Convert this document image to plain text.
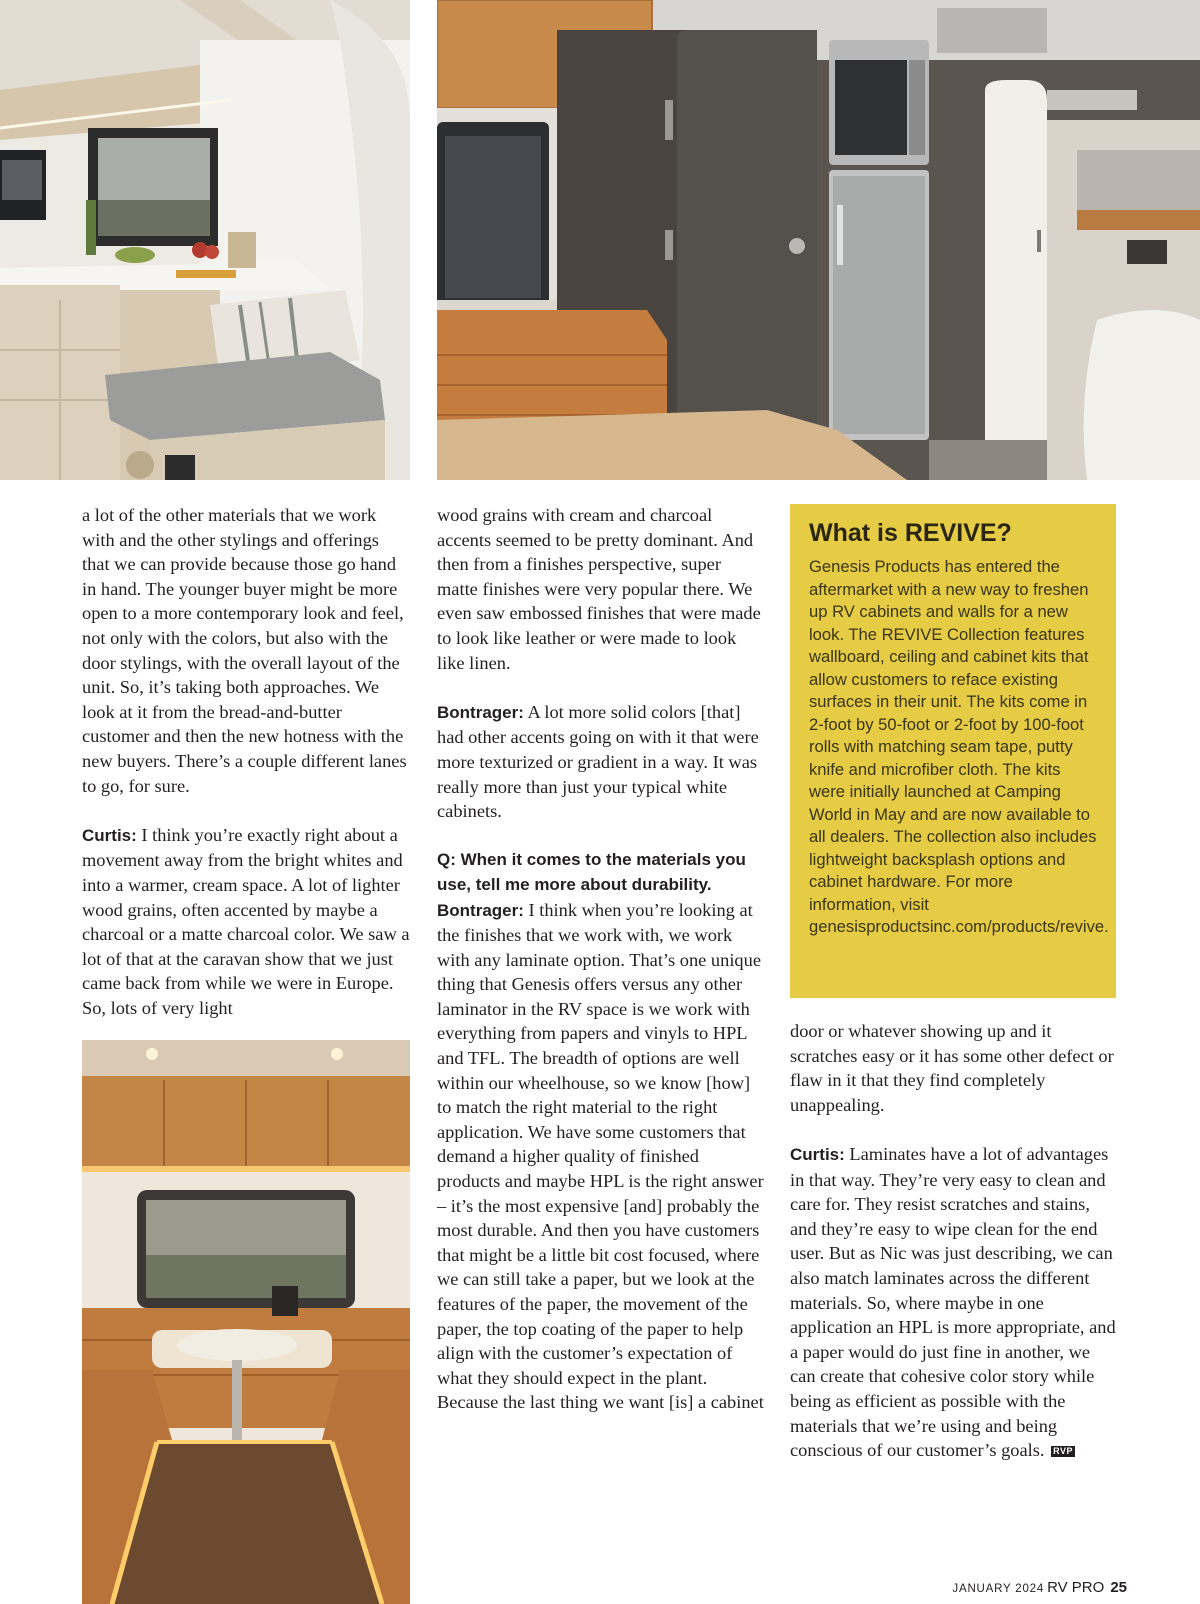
a lot of the other materials that we work with and the other stylings and offerings that we can provide because those go hand in hand. The younger buyer might be more open to a more contemporary look and feel, not only with the colors, but also with the door stylings, with the overall layout of the unit. So, it’s taking both approaches. We look at it from the bread-and-butter customer and then the new hotness with the new buyers. There’s a couple different lanes to go, for sure.

Curtis: I think you’re exactly right about a movement away from the bright whites and into a warmer, cream space. A lot of lighter wood grains, often accented by maybe a charcoal or a matte charcoal color. We saw a lot of that at the caravan show that we just came back from while we were in Europe. So, lots of very light

wood grains with cream and charcoal accents seemed to be pretty dominant. And then from a finishes perspective, super matte finishes were very popular there. We even saw embossed finishes that were made to look like leather or were made to look like linen.

Bontrager: A lot more solid colors [that] had other accents going on with it that were more texturized or gradient in a way. It was really more than just your typical white cabinets.

Q: When it comes to the materials you use, tell me more about durability.

Bontrager: I think when you’re looking at the finishes that we work with, we work with any laminate option. That’s one unique thing that Genesis offers versus any other laminator in the RV space is we work with everything from papers and vinyls to HPL and TFL. The breadth of options are well within our wheelhouse, so we know [how] to match the right material to the right application. We have some customers that demand a higher quality of finished products and maybe HPL is the right answer – it’s the most expensive [and] probably the most durable. And then you have customers that might be a little bit cost focused, where we can still take a paper, but we look at the features of the paper, the movement of the paper, the top coating of the paper to help align with the customer’s expectation of what they should expect in the plant. Because the last thing we want [is] a cabinet

What is REVIVE?

Genesis Products has entered the aftermarket with a new way to freshen up RV cabinets and walls for a new look. The REVIVE Collection features wallboard, ceiling and cabinet kits that allow customers to reface existing surfaces in their unit. The kits come in 2-foot by 50-foot or 2-foot by 100-foot rolls with matching seam tape, putty knife and microfiber cloth. The kits were initially launched at Camping World in May and are now available to all dealers. The collection also includes lightweight backsplash options and cabinet hardware. For more information, visit genesisproductsinc.com/products/revive.

door or whatever showing up and it scratches easy or it has some other defect or flaw in it that they find completely unappealing.

Curtis: Laminates have a lot of advantages in that way. They’re very easy to clean and care for. They resist scratches and stains, and they’re easy to wipe clean for the end user. But as Nic was just describing, we can also match laminates across the different materials. So, where maybe in one application an HPL is more appropriate, and a paper would do just fine in another, we can create that cohesive color story while being as efficient as possible with the materials that we’re using and being conscious of our customer’s goals. RVP

JANUARY 2024 RV PRO 25
